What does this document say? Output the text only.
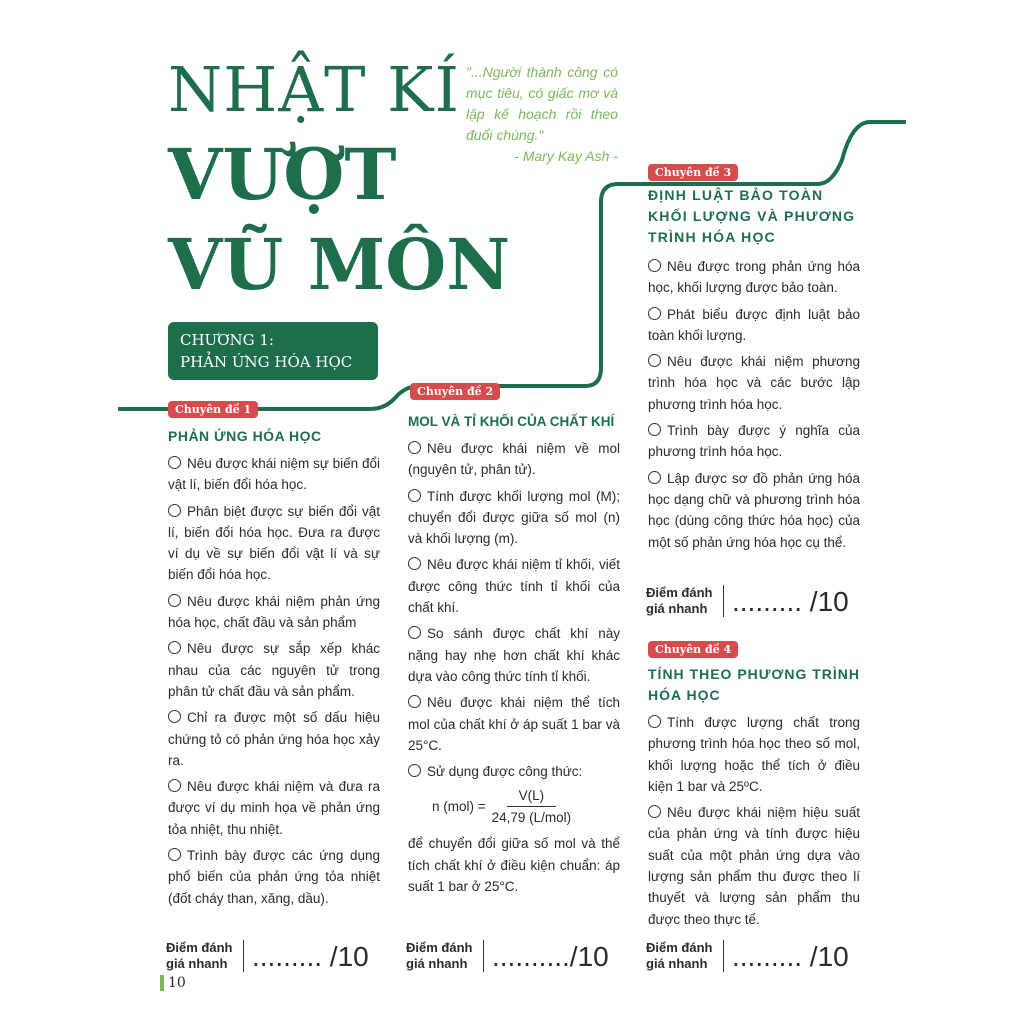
NHẬT KÍ
VƯỢT
VŨ MÔN
"...Người thành công có mục tiêu, có giấc mơ và lập kế hoạch rồi theo đuổi chúng."
- Mary Kay Ash -
CHƯƠNG 1:
PHẢN ỨNG HÓA HỌC
Chuyên đề 1
PHẢN ỨNG HÓA HỌC
Nêu được khái niệm sự biến đổi vật lí, biến đổi hóa học.
Phân biệt được sự biến đổi vật lí, biến đổi hóa học. Đưa ra được ví dụ về sự biến đổi vật lí và sự biến đổi hóa học.
Nêu được khái niệm phản ứng hóa học, chất đầu và sản phẩm
Nêu được sự sắp xếp khác nhau của các nguyên tử trong phân tử chất đầu và sản phẩm.
Chỉ ra được một số dấu hiệu chứng tỏ có phản ứng hóa học xảy ra.
Nêu được khái niệm và đưa ra được ví dụ minh họa về phản ứng tỏa nhiệt, thu nhiệt.
Trình bày được các ứng dụng phổ biến của phản ứng tỏa nhiệt (đốt cháy than, xăng, dầu).
Điểm đánh giá nhanh ......... /10
Chuyên đề 2
MOL VÀ TỈ KHỐI CỦA CHẤT KHÍ
Nêu được khái niệm về mol (nguyên tử, phân tử).
Tính được khối lượng mol (M); chuyển đổi được giữa số mol (n) và khối lượng (m).
Nêu được khái niệm tỉ khối, viết được công thức tính tỉ khối của chất khí.
So sánh được chất khí này nặng hay nhẹ hơn chất khí khác dựa vào công thức tính tỉ khối.
Nêu được khái niệm thể tích mol của chất khí ở áp suất 1 bar và 25°C.
Sử dụng được công thức:
n $(mol) = \frac{V(L)}{\text{24,79 (L/mol)}}$
để chuyển đổi giữa số mol và thể tích chất khí ở điều kiện chuẩn: áp suất 1 bar ở 25°C.
Điểm đánh giá nhanh ........../10
Chuyên đề 3
ĐỊNH LUẬT BẢO TOÀN KHỐI LƯỢNG VÀ PHƯƠNG TRÌNH HÓA HỌC
Nêu được trong phản ứng hóa học, khối lượng được bảo toàn.
Phát biểu được định luật bảo toàn khối lượng.
Nêu được khái niệm phương trình hóa học và các bước lập phương trình hóa học.
Trình bày được ý nghĩa của phương trình hóa học.
Lập được sơ đồ phản ứng hóa học dạng chữ và phương trình hóa học (dùng công thức hóa học) của một số phản ứng hóa học cụ thể.
Điểm đánh giá nhanh ......... /10
Chuyên đề 4
TÍNH THEO PHƯƠNG TRÌNH HÓA HỌC
Tính được lượng chất trong phương trình hóa học theo số mol, khối lượng hoặc thể tích ở điều kiện 1 bar và 25ºC.
Nêu được khái niệm hiệu suất của phản ứng và tính được hiệu suất của một phản ứng dựa vào lượng sản phẩm thu được theo lí thuyết và lượng sản phẩm thu được theo thực tế.
Điểm đánh giá nhanh ......... /10
10
